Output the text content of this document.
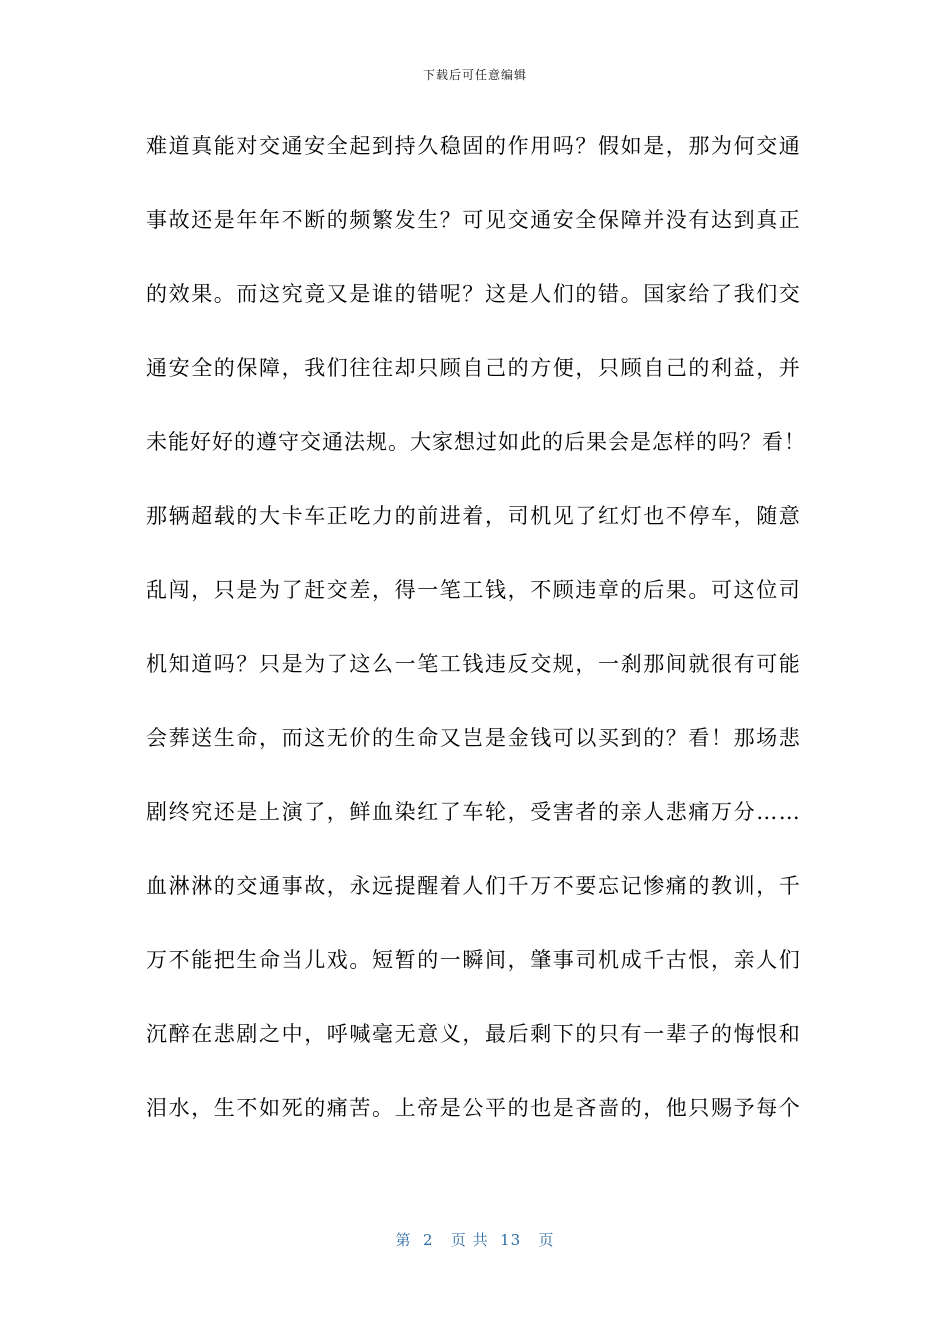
下载后可任意编辑
难道真能对交通安全起到持久稳固的作用吗？假如是，那为何交通
事故还是年年不断的频繁发生？可见交通安全保障并没有达到真正
的效果。而这究竟又是谁的错呢？这是人们的错。国家给了我们交
通安全的保障，我们往往却只顾自己的方便，只顾自己的利益，并
未能好好的遵守交通法规。大家想过如此的后果会是怎样的吗？看！
那辆超载的大卡车正吃力的前进着，司机见了红灯也不停车，随意
乱闯，只是为了赶交差，得一笔工钱，不顾违章的后果。可这位司
机知道吗？只是为了这么一笔工钱违反交规，一刹那间就很有可能
会葬送生命，而这无价的生命又岂是金钱可以买到的？看！那场悲
剧终究还是上演了，鲜血染红了车轮，受害者的亲人悲痛万分……
血淋淋的交通事故，永远提醒着人们千万不要忘记惨痛的教训，千
万不能把生命当儿戏。短暂的一瞬间，肇事司机成千古恨，亲人们
沉醉在悲剧之中，呼喊毫无意义，最后剩下的只有一辈子的悔恨和
泪水，生不如死的痛苦。上帝是公平的也是吝啬的，他只赐予每个
第  2   页 共  13   页
